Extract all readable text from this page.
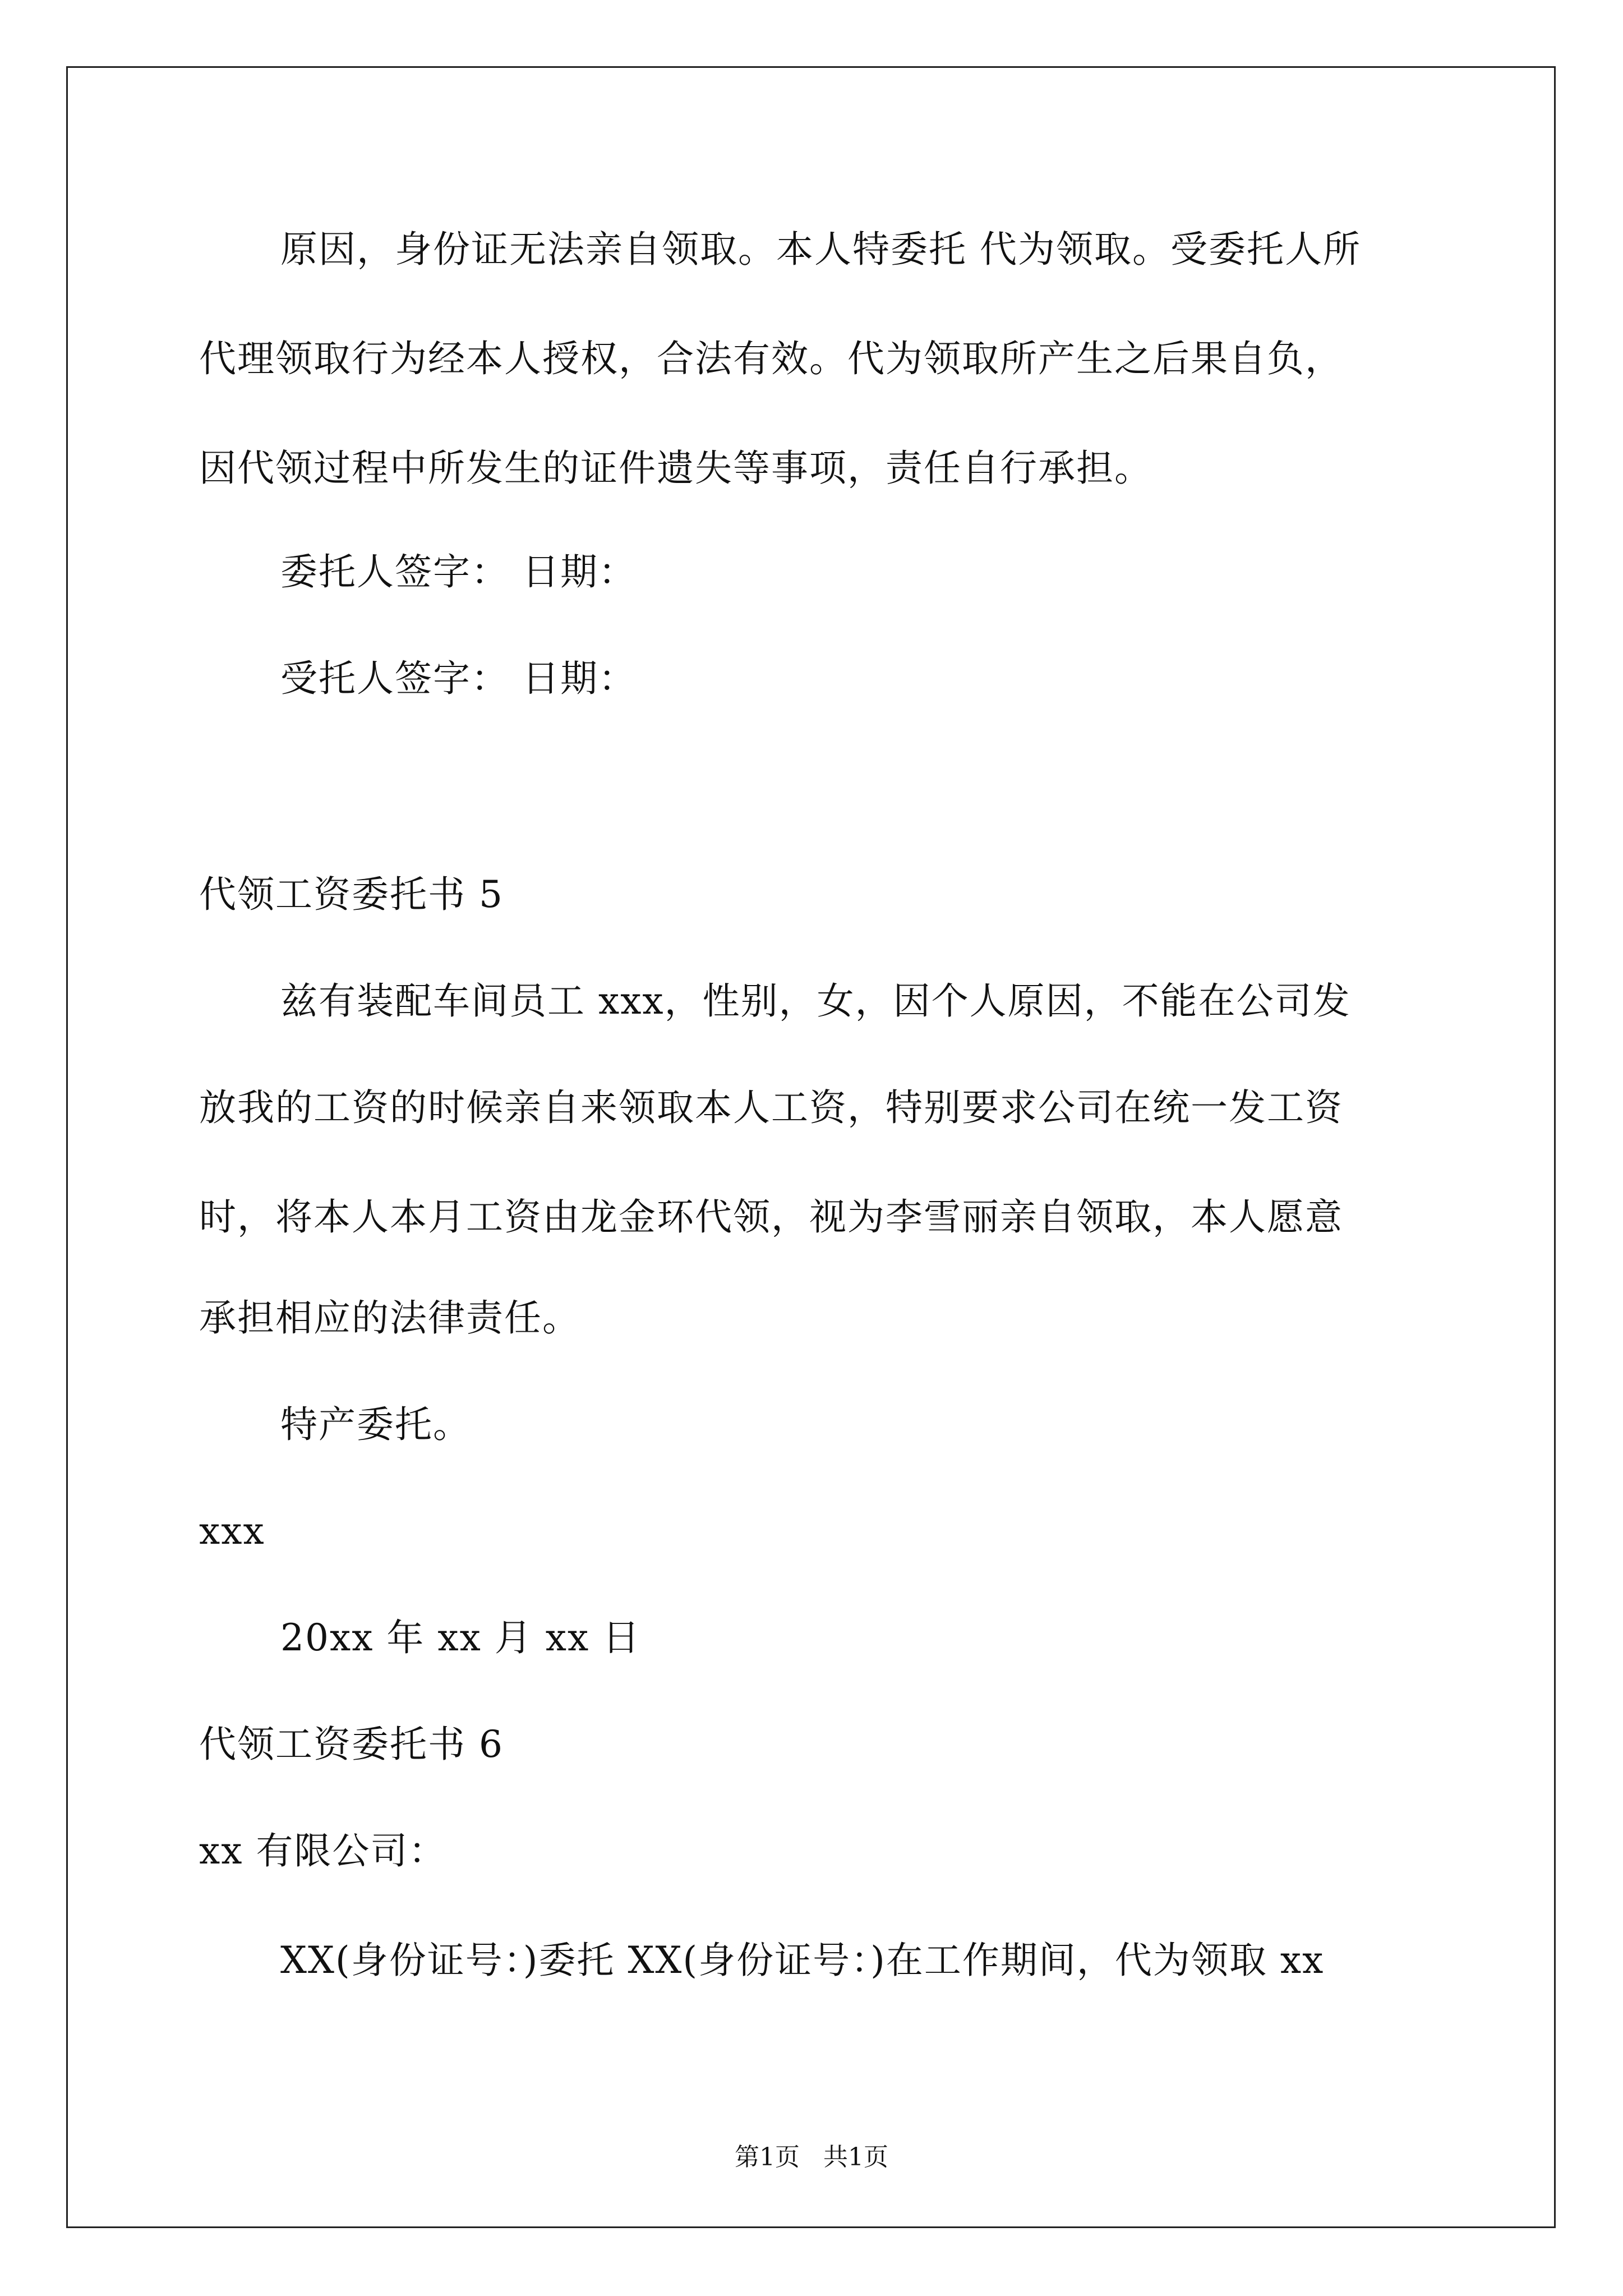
原因，身份证无法亲自领取。本人特委托 代为领取。受委托人所
代理领取行为经本人授权，合法有效。代为领取所产生之后果自负，
因代领过程中所发生的证件遗失等事项，责任自行承担。
委托人签字： 日期：
受托人签字： 日期：
代领工资委托书 5
兹有装配车间员工 xxx，性别，女，因个人原因，不能在公司发
放我的工资的时候亲自来领取本人工资，特别要求公司在统一发工资
时，将本人本月工资由龙金环代领，视为李雪丽亲自领取，本人愿意
承担相应的法律责任。
特产委托。
xxx
20xx 年 xx 月 xx 日
代领工资委托书 6
xx 有限公司：
XX(身份证号：)委托 XX(身份证号：)在工作期间，代为领取 xx
第1页   共1页
